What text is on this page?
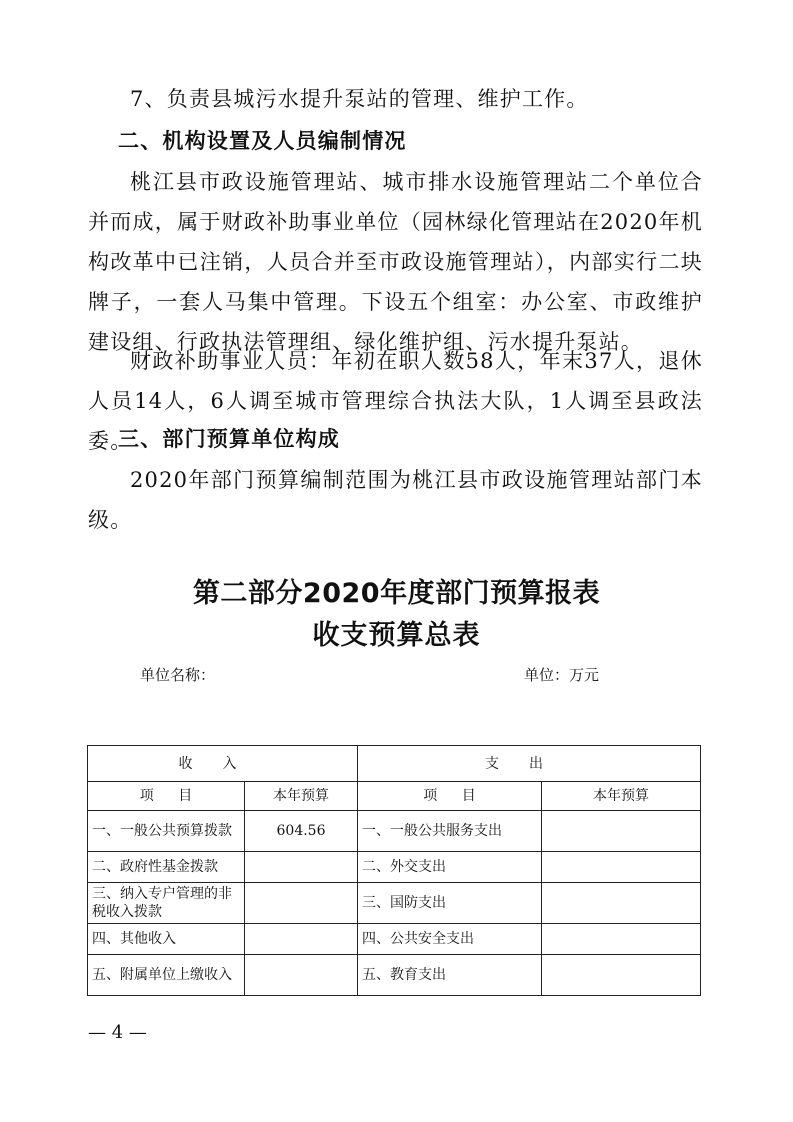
7、负责县城污水提升泵站的管理、维护工作。

二、机构设置及人员编制情况

桃江县市政设施管理站、城市排水设施管理站二个单位合并而成，属于财政补助事业单位（园林绿化管理站在2020年机构改革中已注销，人员合并至市政设施管理站），内部实行二块牌子，一套人马集中管理。下设五个组室：办公室、市政维护建设组、行政执法管理组、绿化维护组、污水提升泵站。

财政补助事业人员：年初在职人数58人，年末37人，退休人员14人，6人调至城市管理综合执法大队，1人调至县政法委。

三、部门预算单位构成

2020年部门预算编制范围为桃江县市政设施管理站部门本级。

第二部分2020年度部门预算报表
收支预算总表
单位名称：	单位：万元
收入		支出	
项 目	本年预算	项 目	本年预算
一、一般公共预算拨款	604.56	一、一般公共服务支出	
二、政府性基金拨款		二、外交支出	
三、纳入专户管理的非税收入拨款		三、国防支出	
四、其他收入		四、公共安全支出	
五、附属单位上缴收入		五、教育支出	
— 4 —
